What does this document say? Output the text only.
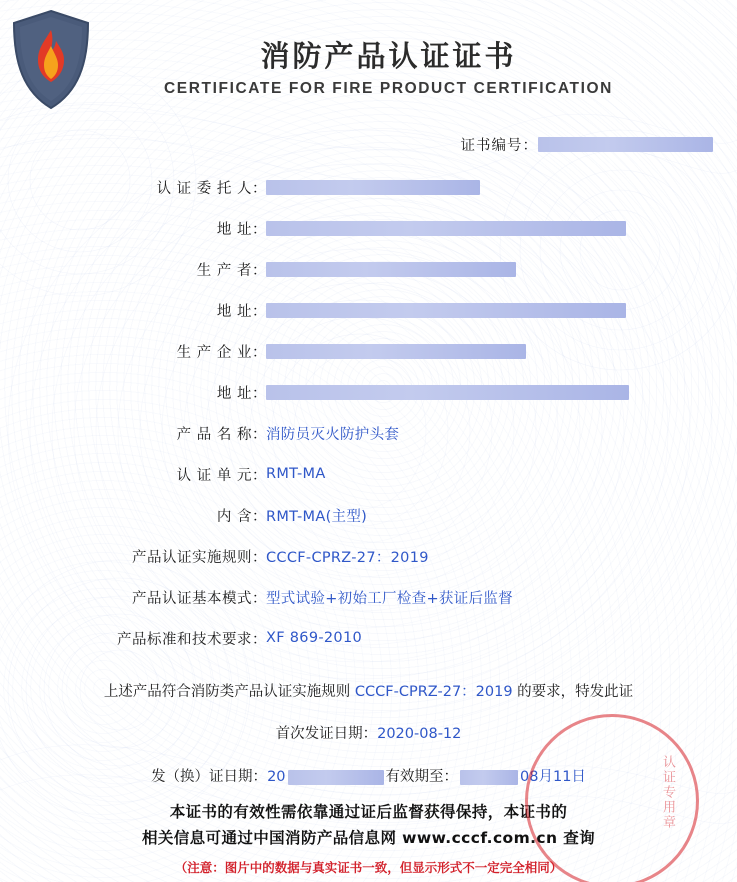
消防产品认证证书
CERTIFICATE FOR FIRE PRODUCT CERTIFICATION
证书编号：
认 证 委 托 人 ：
地 址 ：
生 产 者 ：
地 址 ：
生 产 企 业 ：
地 址 ：
产 品 名 称 ： 消防员灭火防护头套
认 证 单 元 ： RMT-MA
内 含 ： RMT-MA(主型)
产品认证实施规则 ： CCCF-CPRZ-27：2019
产品认证基本模式 ： 型式试验+初始工厂检查+获证后监督
产品标准和技术要求 ： XF 869-2010
上述产品符合消防类产品认证实施规则 CCCF-CPRZ-27：2019 的要求，特发此证
首次发证日期：2020-08-12
发（换）证日期：20	有效期至：	08月11日
本证书的有效性需依靠通过证后监督获得保持，本证书的
相关信息可通过中国消防产品信息网 www.cccf.com.cn 查询
（注意：图片中的数据与真实证书一致，但显示形式不一定完全相同）
认证专用章
